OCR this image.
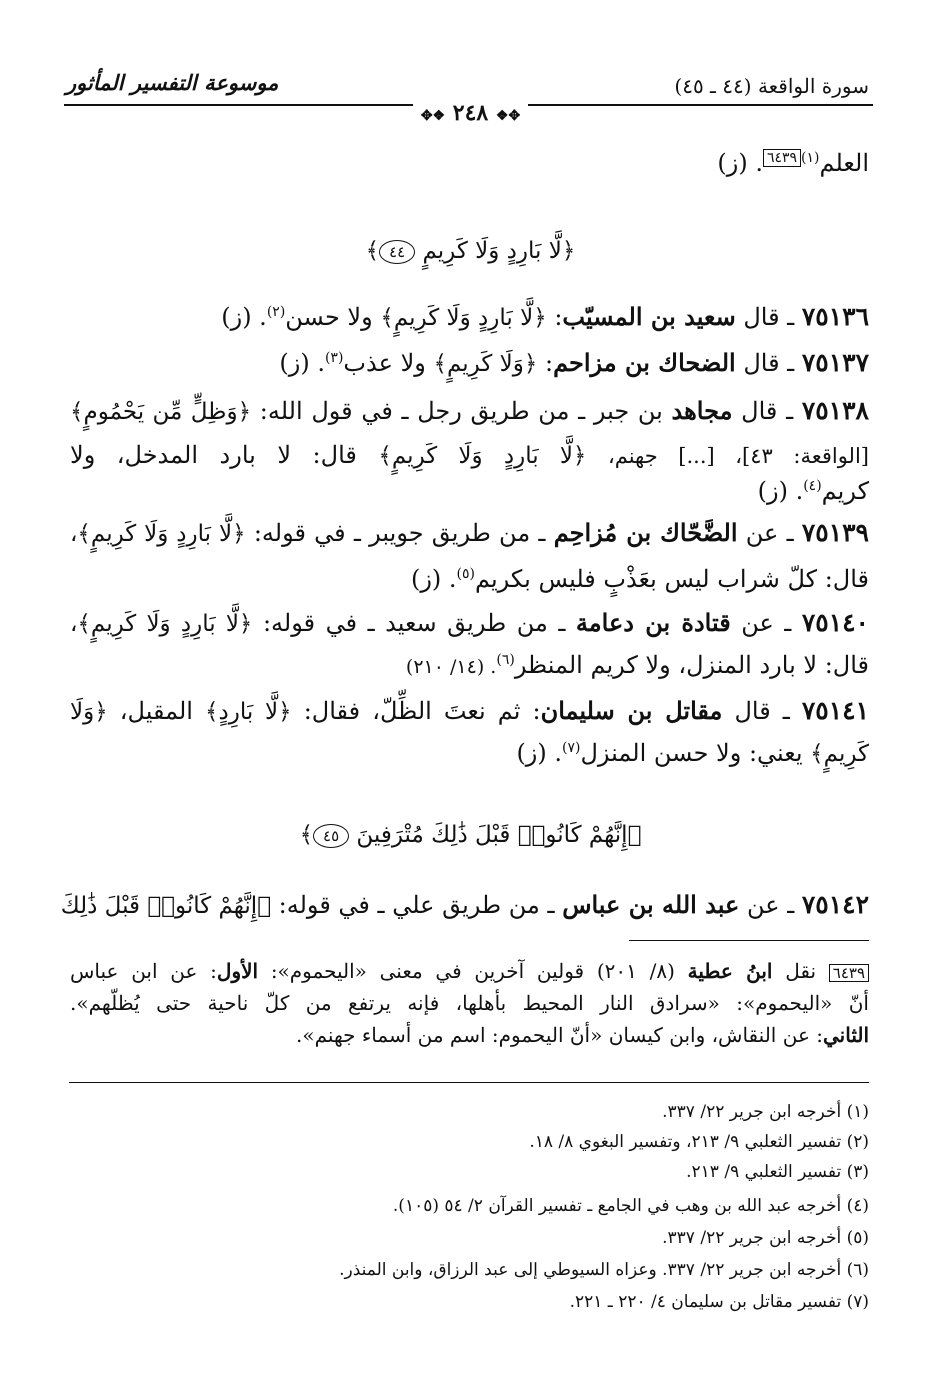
موسوعة التفسير المأثور	سورة الواقعة (٤٤ ـ ٤٥)
✥❖ ٢٤٨ ❖✥
العلم$^{(١)}$٦٤٣٩. (ز)
﴿لَّا بَارِدٍ وَلَا كَرِيمٍ ٤٤﴾
٧٥١٣٦ ـ قال سعيد بن المسيّب: ﴿لَّا بَارِدٍ وَلَا كَرِيمٍ﴾ ولا حسن$^{(٢)}$. (ز)
٧٥١٣٧ ـ قال الضحاك بن مزاحم: ﴿وَلَا كَرِيمٍ﴾ ولا عذب$^{(٣)}$. (ز)
٧٥١٣٨ ـ قال مجاهد بن جبر ـ من طريق رجل ـ في قول الله: ﴿وَظِلٍّ مِّن يَحْمُومٍ﴾
[الواقعة: ٤٣]، [...] جهنم، ﴿لَّا بَارِدٍ وَلَا كَرِيمٍ﴾ قال: لا بارد المدخل، ولا
كريم$^{(٤)}$. (ز)
٧٥١٣٩ ـ عن الضَّحّاك بن مُزاحِم ـ من طريق جويبر ـ في قوله: ﴿لَّا بَارِدٍ وَلَا كَرِيمٍ﴾،
قال: كلّ شراب ليس بعَذْبٍ فليس بكريم$^{(٥)}$. (ز)
٧٥١٤٠ ـ عن قتادة بن دعامة ـ من طريق سعيد ـ في قوله: ﴿لَّا بَارِدٍ وَلَا كَرِيمٍ﴾،
قال: لا بارد المنزل، ولا كريم المنظر$^{(٦)}$. (١٤/ ٢١٠)
٧٥١٤١ ـ قال مقاتل بن سليمان: ثم نعتَ الظِّلّ، فقال: ﴿لَّا بَارِدٍ﴾ المقيل، ﴿وَلَا
كَرِيمٍ﴾ يعني: ولا حسن المنزل$^{(٧)}$. (ز)
﴿إِنَّهُمْ كَانُوا۟ قَبْلَ ذَٰلِكَ مُتْرَفِينَ ٤٥﴾
٧٥١٤٢ ـ عن عبد الله بن عباس ـ من طريق علي ـ في قوله: ﴿إِنَّهُمْ كَانُوا۟ قَبْلَ ذَٰلِكَ
٦٤٣٩ نقل ابنُ عطية (٨/ ٢٠١) قولين آخرين في معنى «اليحموم»: الأول: عن ابن عباس
أنّ «اليحموم»: «سرادق النار المحيط بأهلها، فإنه يرتفع من كلّ ناحية حتى يُظلّهم».
الثاني: عن النقاش، وابن كيسان «أنّ اليحموم: اسم من أسماء جهنم».
(١) أخرجه ابن جرير ٢٢/ ٣٣٧.
(٢) تفسير الثعلبي ٩/ ٢١٣، وتفسير البغوي ٨/ ١٨.
(٣) تفسير الثعلبي ٩/ ٢١٣.
(٤) أخرجه عبد الله بن وهب في الجامع ـ تفسير القرآن ٢/ ٥٤ (١٠٥).
(٥) أخرجه ابن جرير ٢٢/ ٣٣٧.
(٦) أخرجه ابن جرير ٢٢/ ٣٣٧. وعزاه السيوطي إلى عبد الرزاق، وابن المنذر.
(٧) تفسير مقاتل بن سليمان ٤/ ٢٢٠ ـ ٢٢١.
